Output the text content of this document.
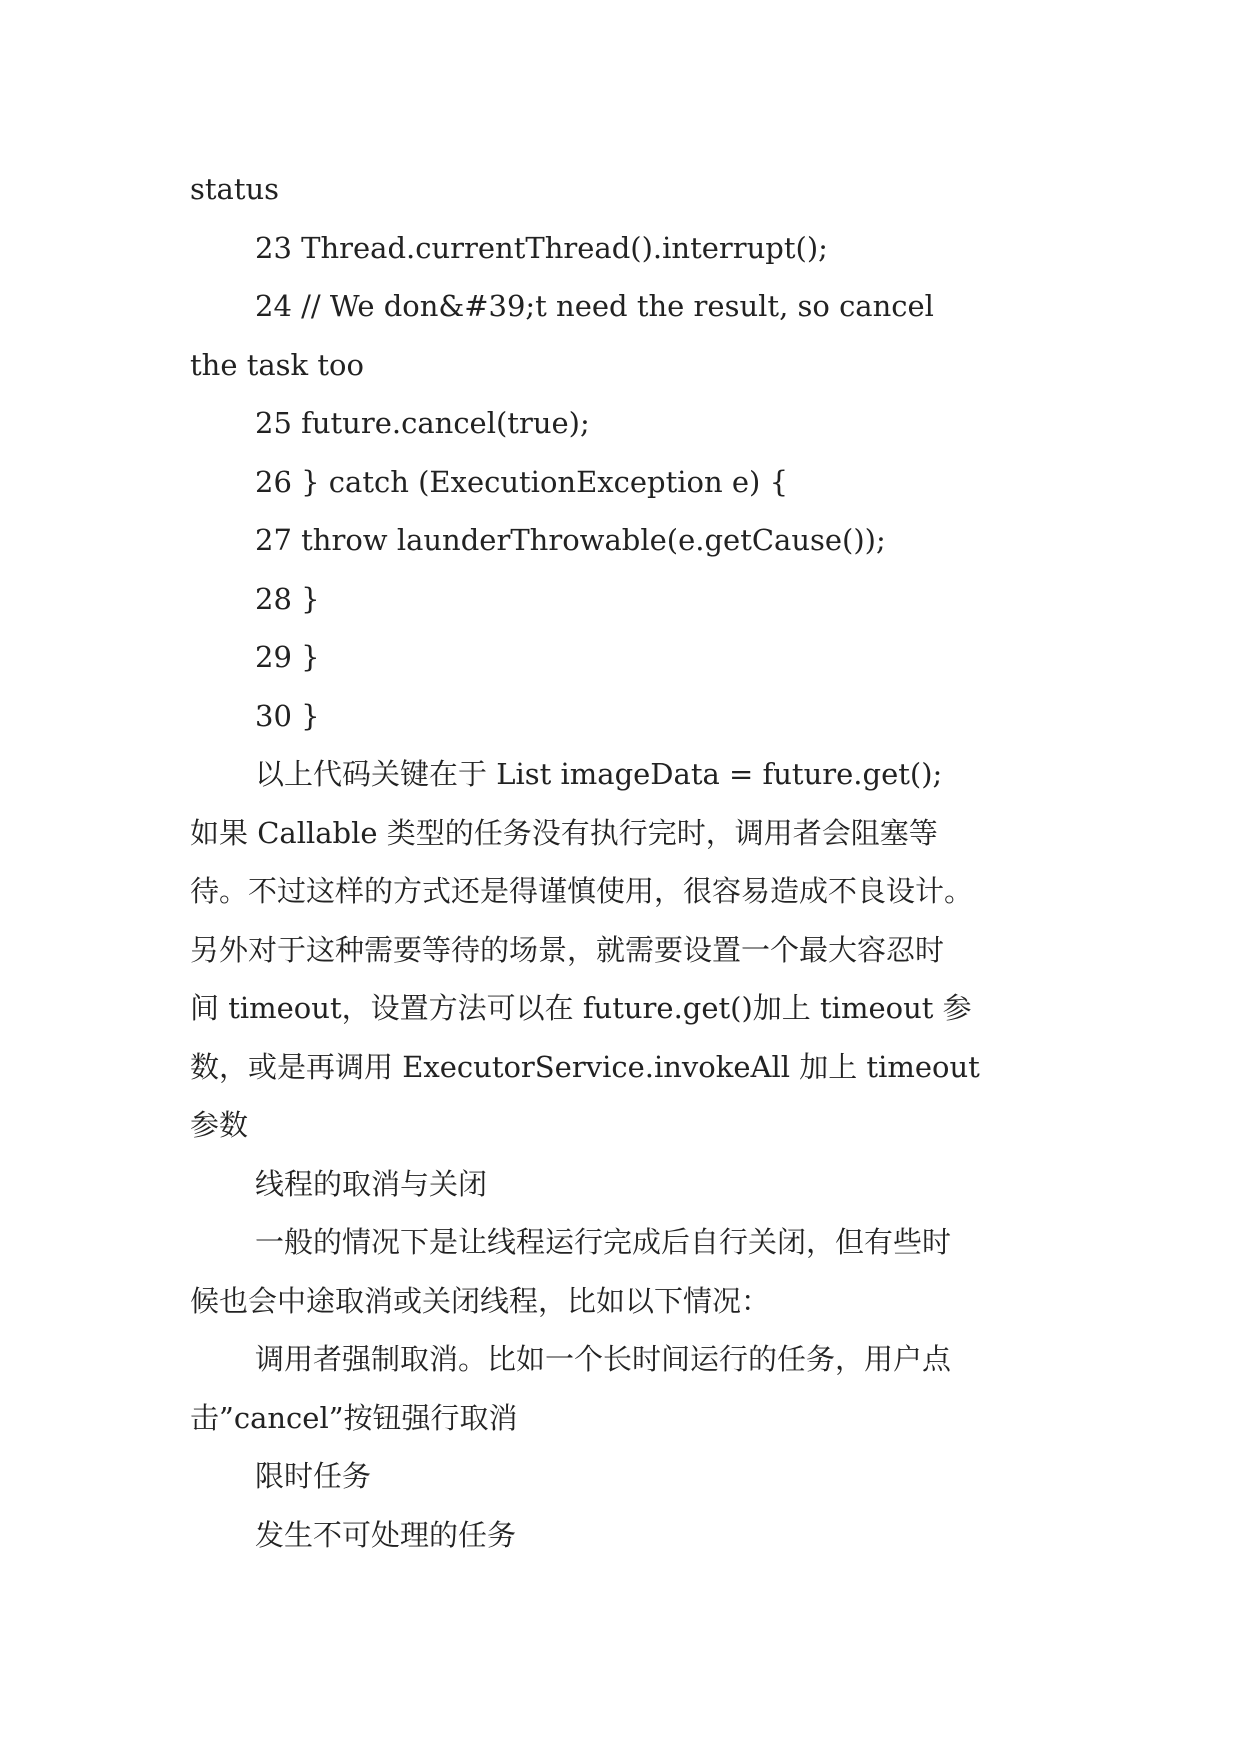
status
23 Thread.currentThread().interrupt();
24 // We don&#39;t need the result, so cancel
the task too
25 future.cancel(true);
26 } catch (ExecutionException e) {
27 throw launderThrowable(e.getCause());
28 }
29 }
30 }
以上代码关键在于 List imageData = future.get();
如果 Callable 类型的任务没有执行完时，调用者会阻塞等
待。不过这样的方式还是得谨慎使用，很容易造成不良设计。
另外对于这种需要等待的场景，就需要设置一个最大容忍时
间 timeout，设置方法可以在 future.get()加上 timeout 参
数，或是再调用 ExecutorService.invokeAll 加上 timeout
参数
线程的取消与关闭
一般的情况下是让线程运行完成后自行关闭，但有些时
候也会中途取消或关闭线程，比如以下情况：
调用者强制取消。比如一个长时间运行的任务，用户点
击”cancel”按钮强行取消
限时任务
发生不可处理的任务
